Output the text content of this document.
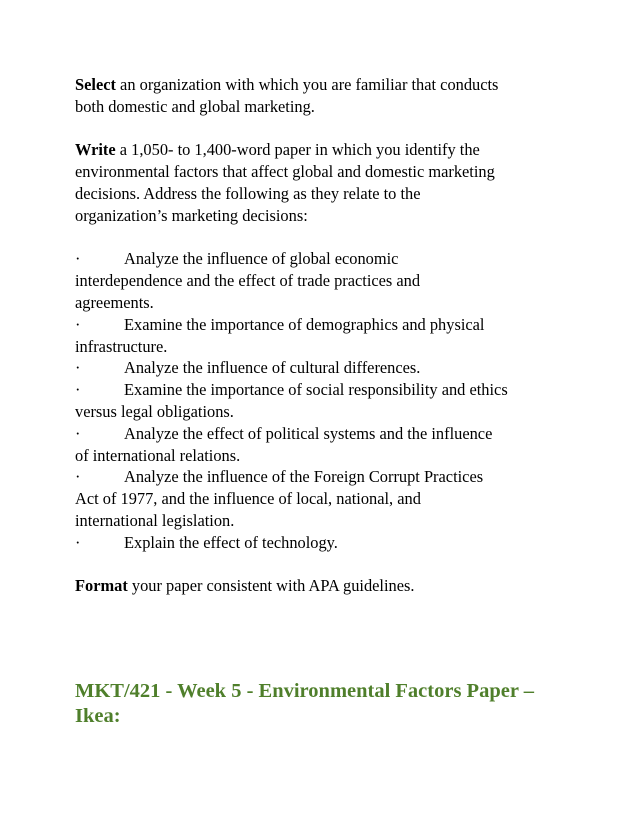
Select an organization with which you are familiar that conducts

both domestic and global marketing.

Write a 1,050- to 1,400-word paper in which you identify the

environmental factors that affect global and domestic marketing

decisions. Address the following as they relate to the

organization’s marketing decisions:

·	Analyze the influence of global economic

interdependence and the effect of trade practices and

agreements.

·	Examine the importance of demographics and physical

infrastructure.

·	Analyze the influence of cultural differences.

·	Examine the importance of social responsibility and ethics

versus legal obligations.

·	Analyze the effect of political systems and the influence

of international relations.

·	Analyze the influence of the Foreign Corrupt Practices

Act of 1977, and the influence of local, national, and

international legislation.

·	Explain the effect of technology.

Format your paper consistent with APA guidelines.

MKT/421 - Week 5 - Environmental Factors Paper –
Ikea:
